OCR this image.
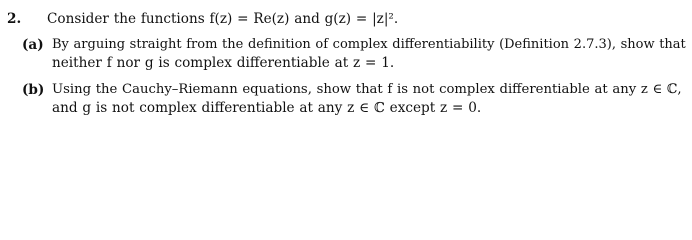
2. Consider the functions f(z) = Re(z) and g(z) = |z|².
(a) By arguing straight from the definition of complex differentiability (Definition 2.7.3), show that
neither f nor g is complex differentiable at z = 1.
(b) Using the Cauchy–Riemann equations, show that f is not complex differentiable at any z ∈ ℂ,
and g is not complex differentiable at any z ∈ ℂ except z = 0.
